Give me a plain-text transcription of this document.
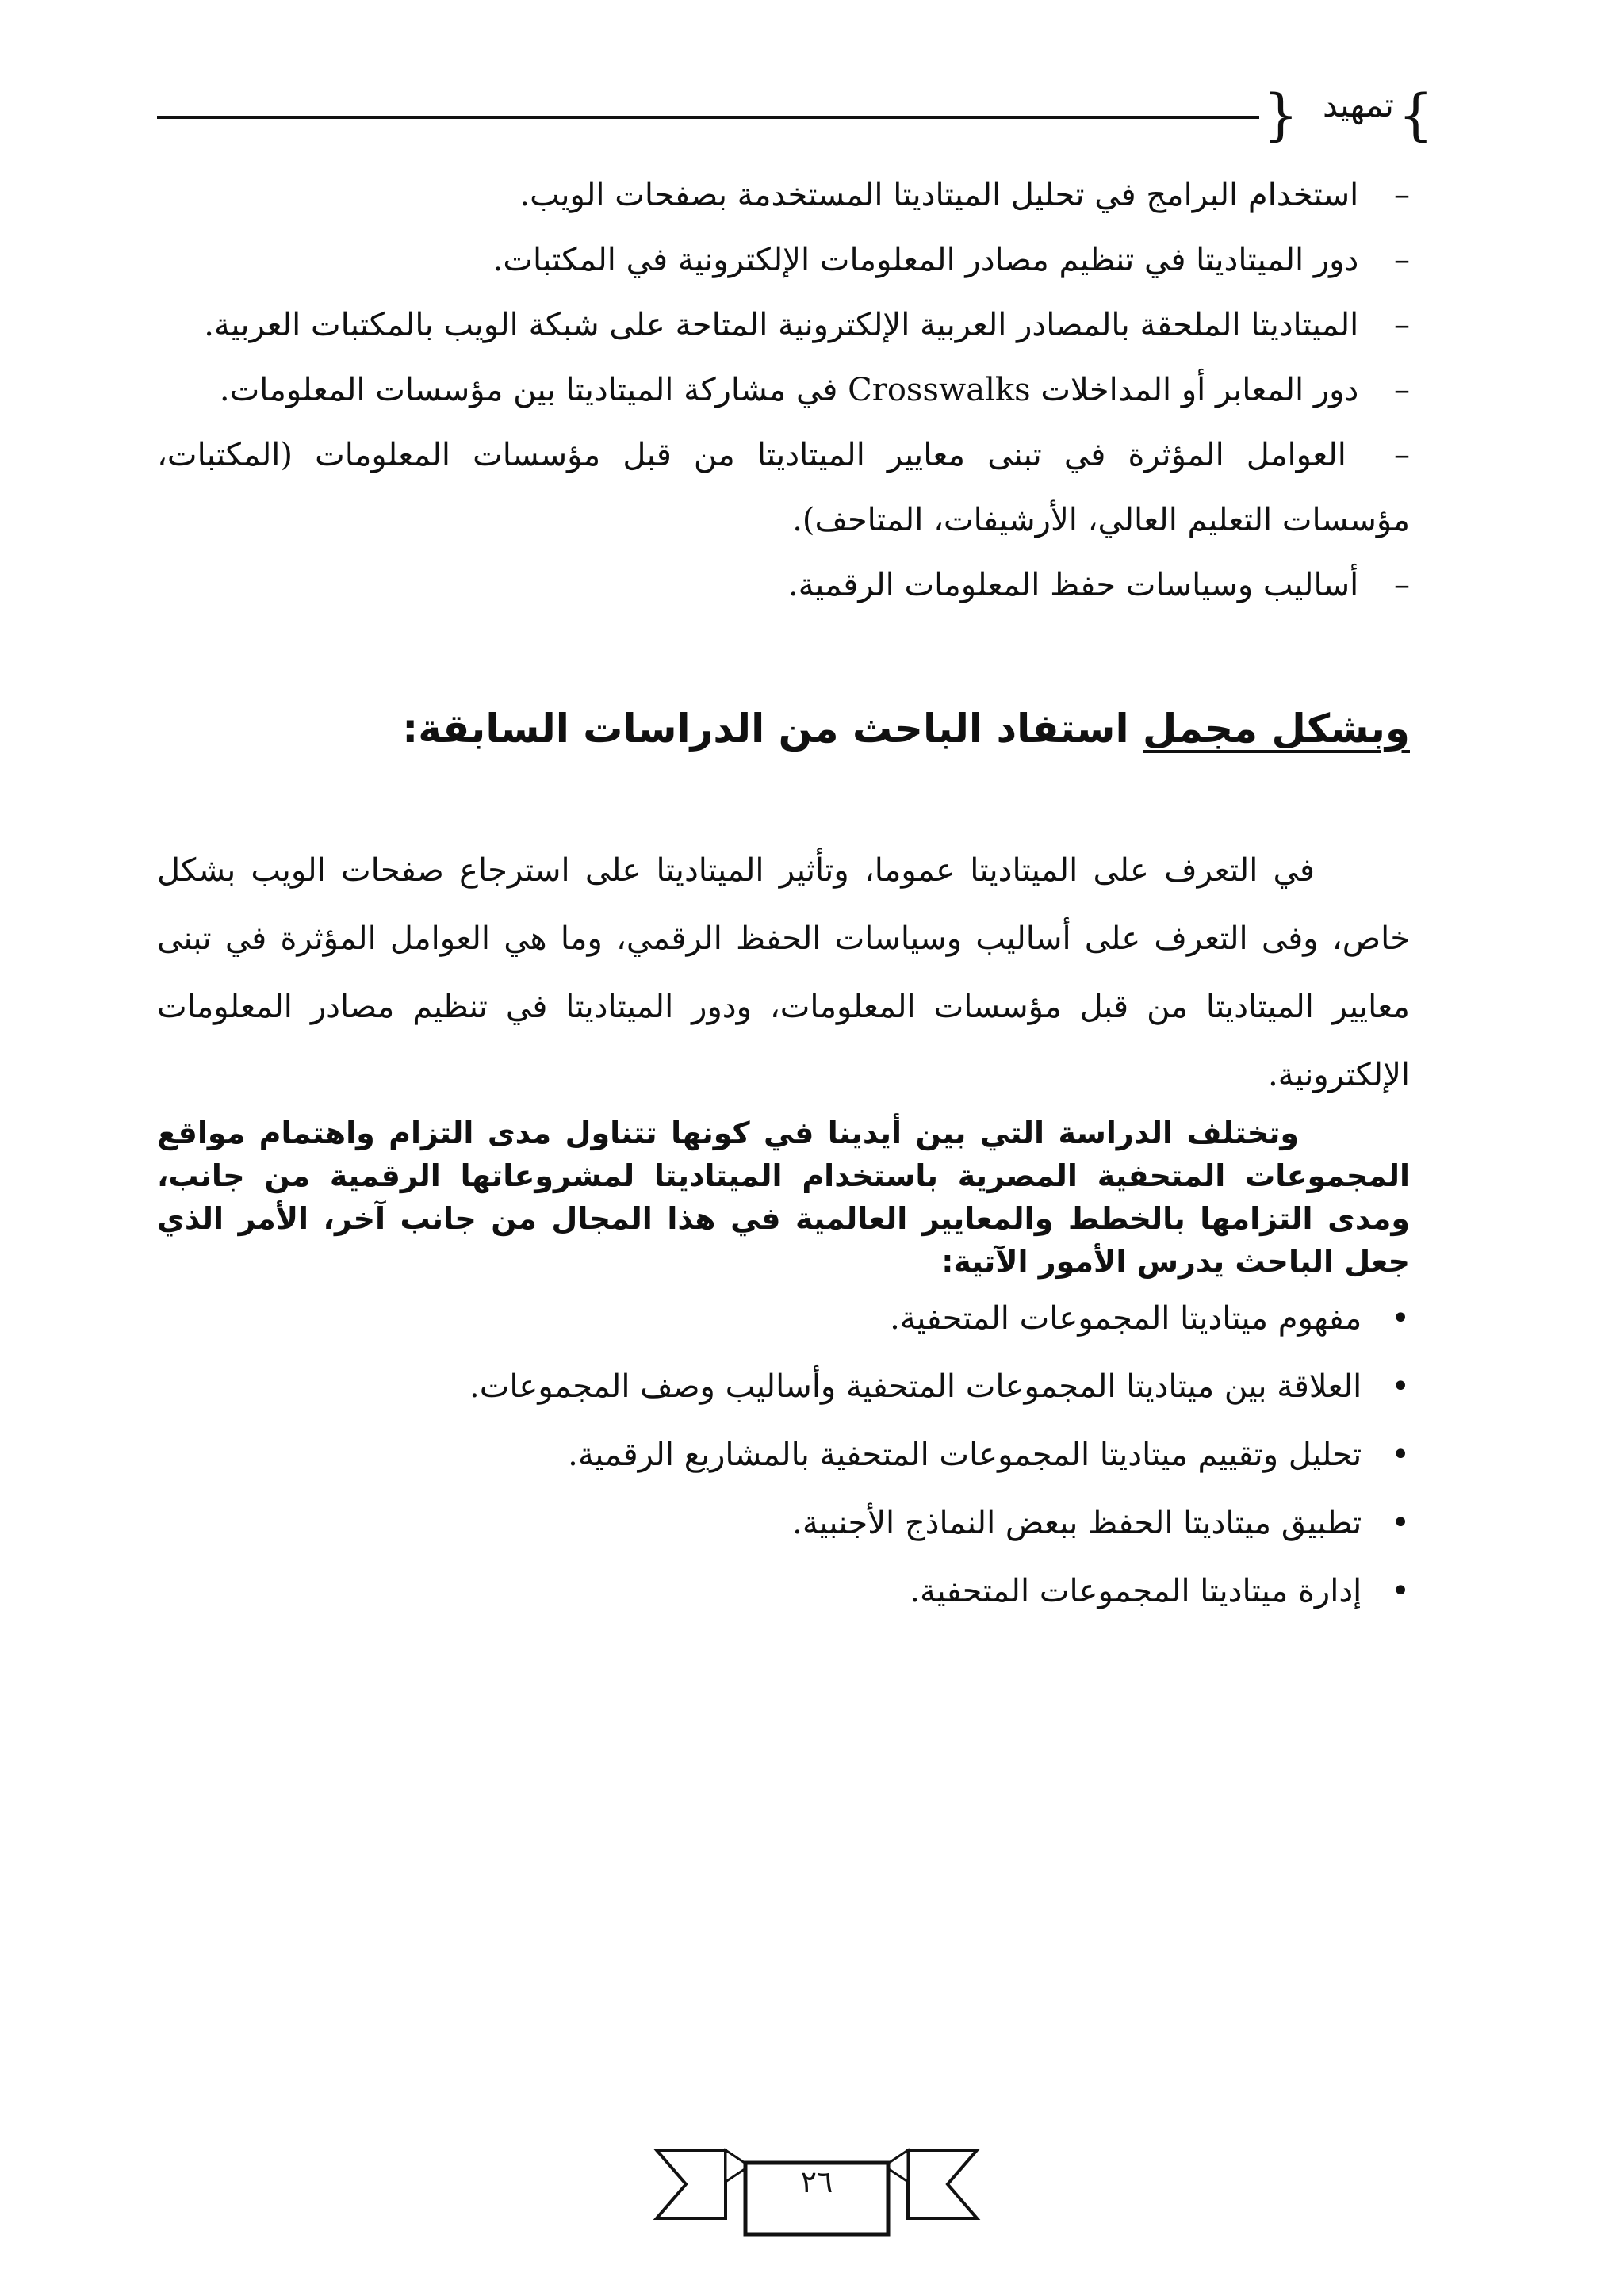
} تمهيد {

– استخدام البرامج في تحليل الميتاديتا المستخدمة بصفحات الويب.

– دور الميتاديتا في تنظيم مصادر المعلومات الإلكترونية في المكتبات.

– الميتاديتا الملحقة بالمصادر العربية الإلكترونية المتاحة على شبكة الويب بالمكتبات العربية.

– دور المعابر أو المداخلات Crosswalks في مشاركة الميتاديتا بين مؤسسات المعلومات.

– العوامل المؤثرة في تبنى معايير الميتاديتا من قبل مؤسسات المعلومات (المكتبات، مؤسسات التعليم العالي، الأرشيفات، المتاحف).

– أساليب وسياسات حفظ المعلومات الرقمية.

وبشكل مجمل استفاد الباحث من الدراسات السابقة:
في التعرف على الميتاديتا عموما، وتأثير الميتاديتا على استرجاع صفحات الويب بشكل خاص، وفى التعرف على أساليب وسياسات الحفظ الرقمي، وما هي العوامل المؤثرة في تبنى معايير الميتاديتا من قبل مؤسسات المعلومات، ودور الميتاديتا في تنظيم مصادر المعلومات الإلكترونية.
وتختلف الدراسة التي بين أيدينا في كونها تتناول مدى التزام واهتمام مواقع المجموعات المتحفية المصرية باستخدام الميتاديتا لمشروعاتها الرقمية من جانب، ومدى التزامها بالخطط والمعايير العالمية في هذا المجال من جانب آخر، الأمر الذي جعل الباحث يدرس الأمور الآتية:
• مفهوم ميتاديتا المجموعات المتحفية.
• العلاقة بين ميتاديتا المجموعات المتحفية وأساليب وصف المجموعات.
• تحليل وتقييم ميتاديتا المجموعات المتحفية بالمشاريع الرقمية.
• تطبيق ميتاديتا الحفظ ببعض النماذج الأجنبية.
• إدارة ميتاديتا المجموعات المتحفية.
٢٦
